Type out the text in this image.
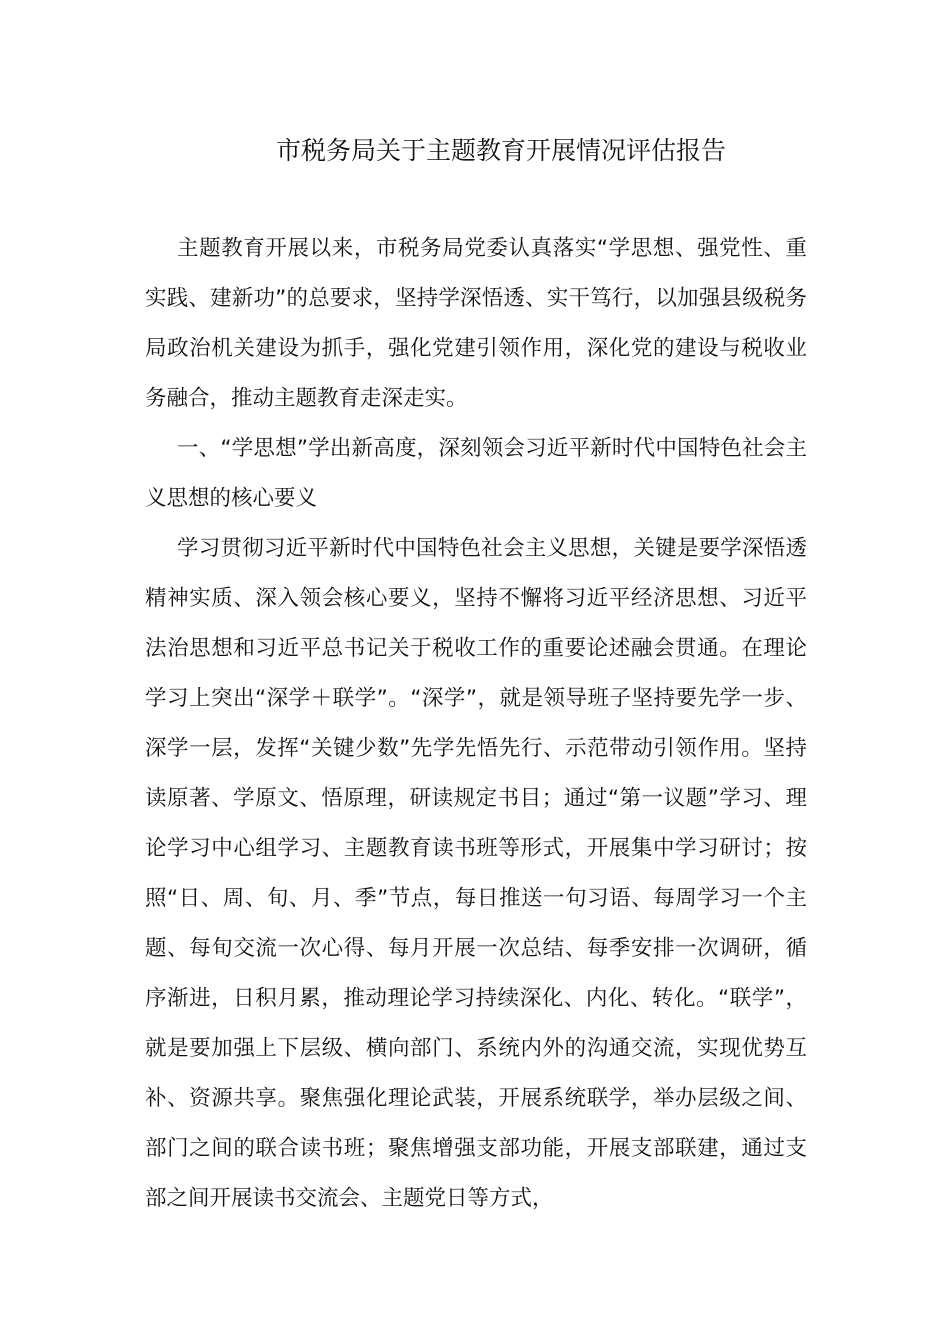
市税务局关于主题教育开展情况评估报告
主题教育开展以来，市税务局党委认真落实“学思想、强党性、重实践、建新功”的总要求，坚持学深悟透、实干笃行，以加强县级税务局政治机关建设为抓手，强化党建引领作用，深化党的建设与税收业务融合，推动主题教育走深走实。
一、“学思想”学出新高度，深刻领会习近平新时代中国特色社会主义思想的核心要义
学习贯彻习近平新时代中国特色社会主义思想，关键是要学深悟透精神实质、深入领会核心要义，坚持不懈将习近平经济思想、习近平法治思想和习近平总书记关于税收工作的重要论述融会贯通。在理论学习上突出“深学＋联学”。“深学”，就是领导班子坚持要先学一步、深学一层，发挥“关键少数”先学先悟先行、示范带动引领作用。坚持读原著、学原文、悟原理，研读规定书目；通过“第一议题”学习、理论学习中心组学习、主题教育读书班等形式，开展集中学习研讨；按照“日、周、旬、月、季”节点，每日推送一句习语、每周学习一个主题、每旬交流一次心得、每月开展一次总结、每季安排一次调研，循序渐进，日积月累，推动理论学习持续深化、内化、转化。“联学”，就是要加强上下层级、横向部门、系统内外的沟通交流，实现优势互补、资源共享。聚焦强化理论武装，开展系统联学，举办层级之间、部门之间的联合读书班；聚焦增强支部功能，开展支部联建，通过支部之间开展读书交流会、主题党日等方式，
